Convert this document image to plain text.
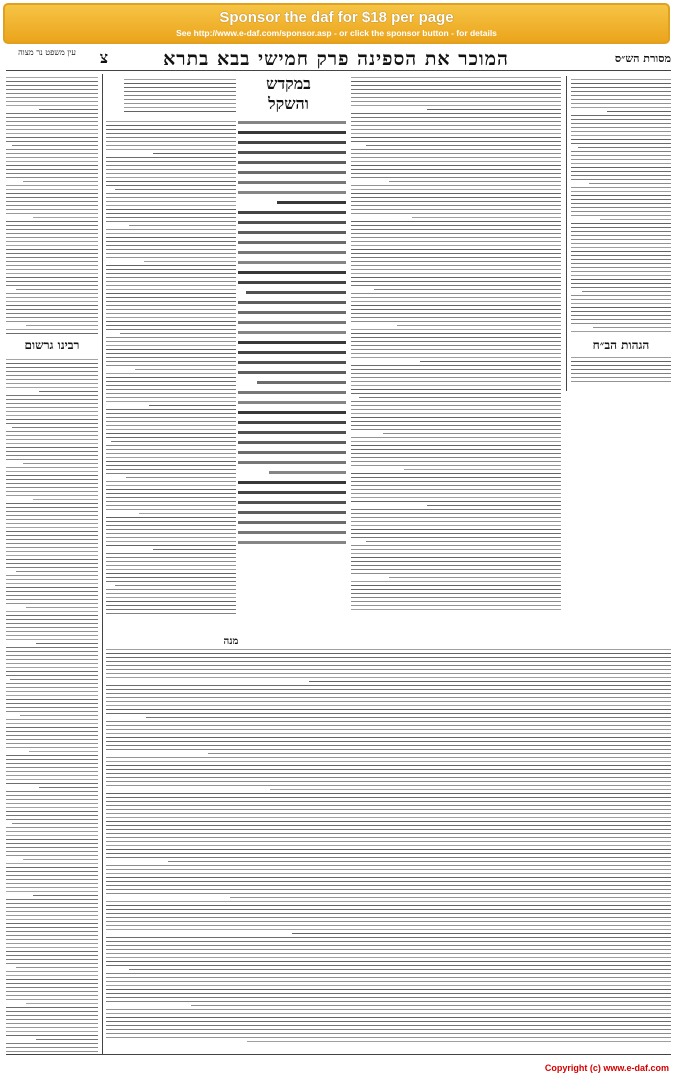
Sponsor the daf for $18 per page
See http://www.e-daf.com/sponsor.asp - or click the sponsor button - for details
מסורת הש״ס
המוכר את הספינה פרק חמישי בבא בתרא
צ
עין משפט נר מצוה
הגהות הב״ח
במקדש
והשקל
מנה
רבינו גרשום
Copyright (c) www.e-daf.com
